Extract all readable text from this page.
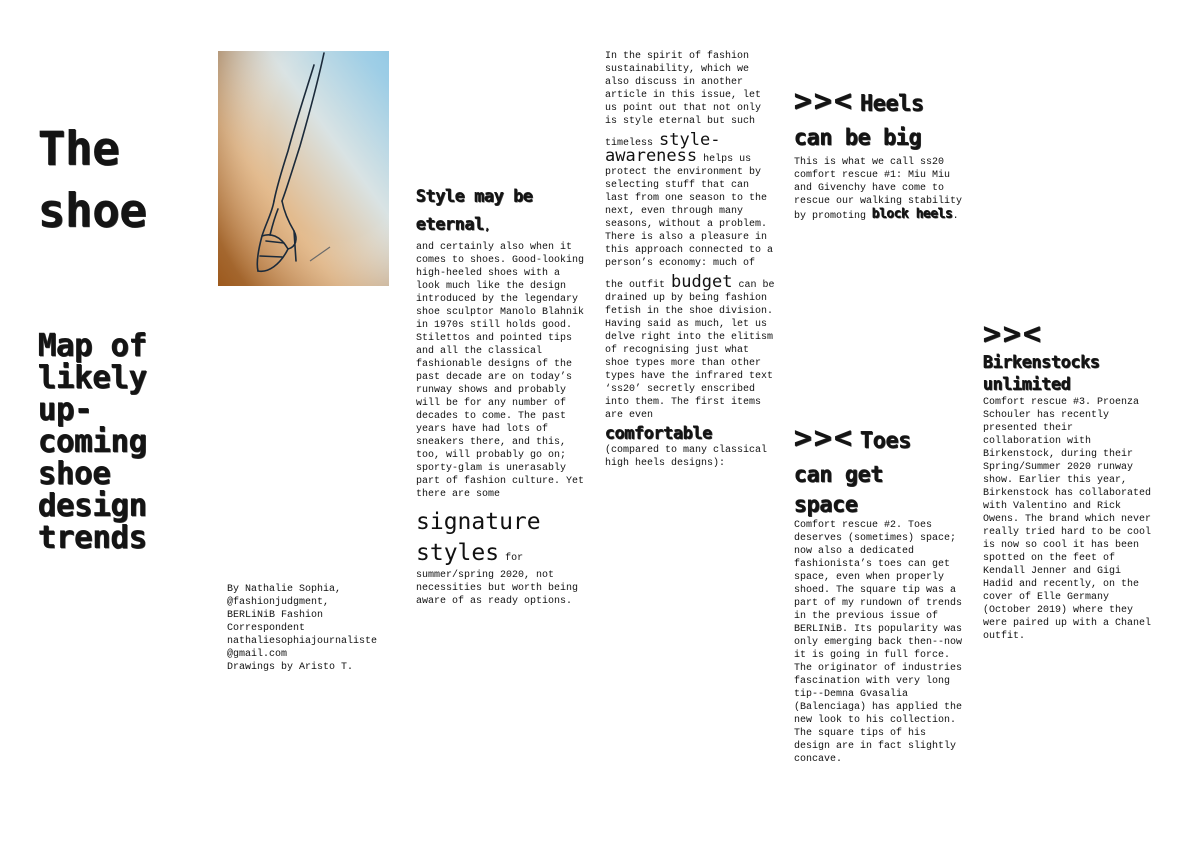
The
shoe
Map of likely up-coming shoe design trends
By Nathalie Sophia,
@fashionjudgment,
BERLiNiB Fashion
Correspondent
nathaliesophiajournaliste
@gmail.com
Drawings by Aristo T.
Style may be
eternal,
and certainly also when it comes to shoes. Good-looking high-heeled shoes with a look much like the design introduced by the legendary shoe sculptor Manolo Blahnik in 1970s still holds good. Stilettos and pointed tips and all the classical fashionable designs of the past decade are on today’s runway shows and probably will be for any number of decades to come. The past years have had lots of sneakers there, and this, too, will probably go on; sporty-glam is unerasably part of fashion culture. Yet there are some
signature
styles for summer/spring 2020, not necessities but worth being aware of as ready options.
In the spirit of fashion sustainability, which we also discuss in another article in this issue, let us point out that not only is style eternal but such
timeless style-awareness helps us protect the environment by selecting stuff that can last from one season to the next, even through many seasons, without a problem. There is also a pleasure in this approach connected to a person’s economy: much of
the outfit budget can be drained up by being fashion fetish in the shoe division. Having said as much, let us delve right into the elitism of recognising just what shoe types more than other types have the infrared text ‘ss20’ secretly enscribed into them. The first items are even
comfortable
(compared to many classical high heels designs):
>>< Heels
can be big
This is what we call ss20 comfort rescue #1: Miu Miu and Givenchy have come to rescue our walking stability by promoting block heels.
>>< Toes
can get
space
Comfort rescue #2. Toes deserves (sometimes) space; now also a dedicated fashionista’s toes can get space, even when properly shoed. The square tip was a part of my rundown of trends in the previous issue of BERLINiB. Its popularity was only emerging back then--now it is going in full force. The originator of industries fascination with very long tip--Demna Gvasalia (Balenciaga) has applied the new look to his collection. The square tips of his design are in fact slightly concave.
>><
Birkenstocks
unlimited
Comfort rescue #3. Proenza Schouler has recently presented their collaboration with Birkenstock, during their Spring/Summer 2020 runway show. Earlier this year, Birkenstock has collaborated with Valentino and Rick Owens. The brand which never really tried hard to be cool is now so cool it has been spotted on the feet of Kendall Jenner and Gigi Hadid and recently, on the cover of Elle Germany (October 2019) where they were paired up with a Chanel outfit.
